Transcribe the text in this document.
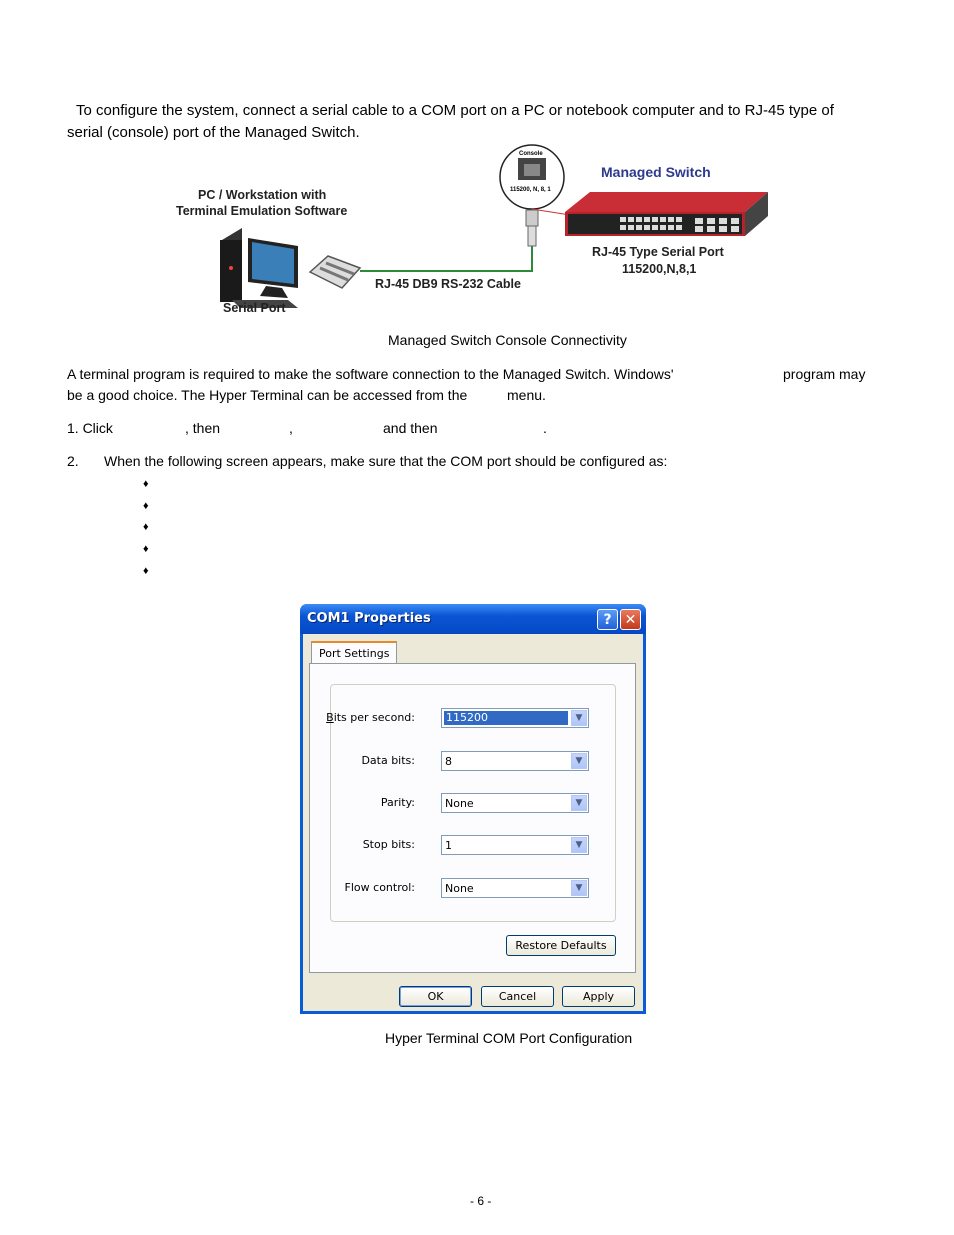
To configure the system, connect a serial cable to a COM port on a PC or notebook computer and to RJ-45 type of
serial (console) port of the Managed Switch.
Console
115200, N, 8, 1
Managed Switch
PC / Workstation with
Terminal Emulation Software
RJ-45 DB9 RS-232 Cable
RJ-45 Type Serial Port
115200,N,8,1
Serial Port
Managed Switch Console Connectivity
A terminal program is required to make the software connection to the Managed Switch. Windows'	program may
be a good choice. The Hyper Terminal can be accessed from the	menu.
1. Click	, then	,	and then	.
2. When the following screen appears, make sure that the COM port should be configured as:
♦
♦
♦
♦
♦
COM1 Properties	? ✕
Port Settings
Bits per second:	115200	▼
Data bits:	8	▼
Parity:	None	▼
Stop bits:	1	▼
Flow control:	None	▼
Restore Defaults
OK	Cancel	Apply
Hyper Terminal COM Port Configuration
- 6 -
